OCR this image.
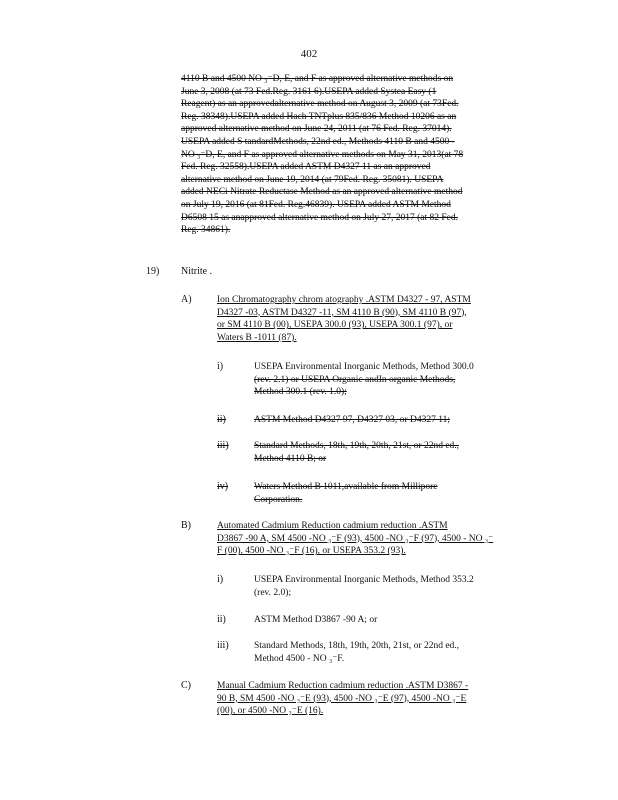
402
4110 B and 4500 NO ₃⁻D, E, and F as approved alternative methods on
June 3, 2008 (at 73 Fed.Reg. 3161 6).USEPA added Systea Easy (1
Reagent) as an approvedalternative method on August 3, 2009 (at 73Fed.
Reg. 38348).USEPA added Hach TNTplus 835/836 Method 10206 as an
approved alternative method on June 24, 2011 (at 76 Fed. Reg. 37014).
USEPA added S tandardMethods, 22nd ed., Methods 4110 B and 4500 -
NO ₃⁻D, E, and F as approved alternative methods on May 31, 2013(at 78
Fed. Reg. 32558).USEPA added ASTM D4327 11 as an approved
alternative method on June 19, 2014 (at 79Fed. Reg. 35081). USEPA
added NECi Nitrate Reductase Method as an approved alternative method
on July 19, 2016 (at 81Fed. Reg.46839). USEPA added ASTM Method
D6508 15 as anapproved alternative method on July 27, 2017 (at 82 Fed.
Reg. 34861).
19) Nitrite .
A)	Ion Chromatography chrom atography .ASTM D4327 - 97, ASTM
D4327 -03, ASTM D4327 -11, SM 4110 B (90), SM 4110 B (97),
or SM 4110 B (00), USEPA 300.0 (93), USEPA 300.1 (97), or
Waters B -1011 (87).
i)	USEPA Environmental Inorganic Methods, Method 300.0
(rev. 2.1) or USEPA Organic andIn organic Methods,
Method 300.1 (rev. 1.0);
ii)	ASTM Method D4327 97, D4327 03, or D4327 11;
iii)	Standard Methods, 18th, 19th, 20th, 21st, or 22nd ed.,
Method 4110 B; or
iv)	Waters Method B 1011,available from Millipore
Corporation.
B)	Automated Cadmium Reduction cadmium reduction .ASTM
D3867 -90 A, SM 4500 -NO ₃⁻F (93), 4500 -NO ₃⁻F (97), 4500 - NO ₃⁻
F (00), 4500 -NO ₃⁻F (16), or USEPA 353.2 (93).
i)	USEPA Environmental Inorganic Methods, Method 353.2
(rev. 2.0);
ii)	ASTM Method D3867 -90 A; or
iii)	Standard Methods, 18th, 19th, 20th, 21st, or 22nd ed.,
Method 4500 - NO ₃⁻F.
C)	Manual Cadmium Reduction cadmium reduction .ASTM D3867 -
90 B, SM 4500 -NO ₃⁻E (93), 4500 -NO ₃⁻E (97), 4500 -NO ₃⁻E
(00), or 4500 -NO ₃⁻E (16).
